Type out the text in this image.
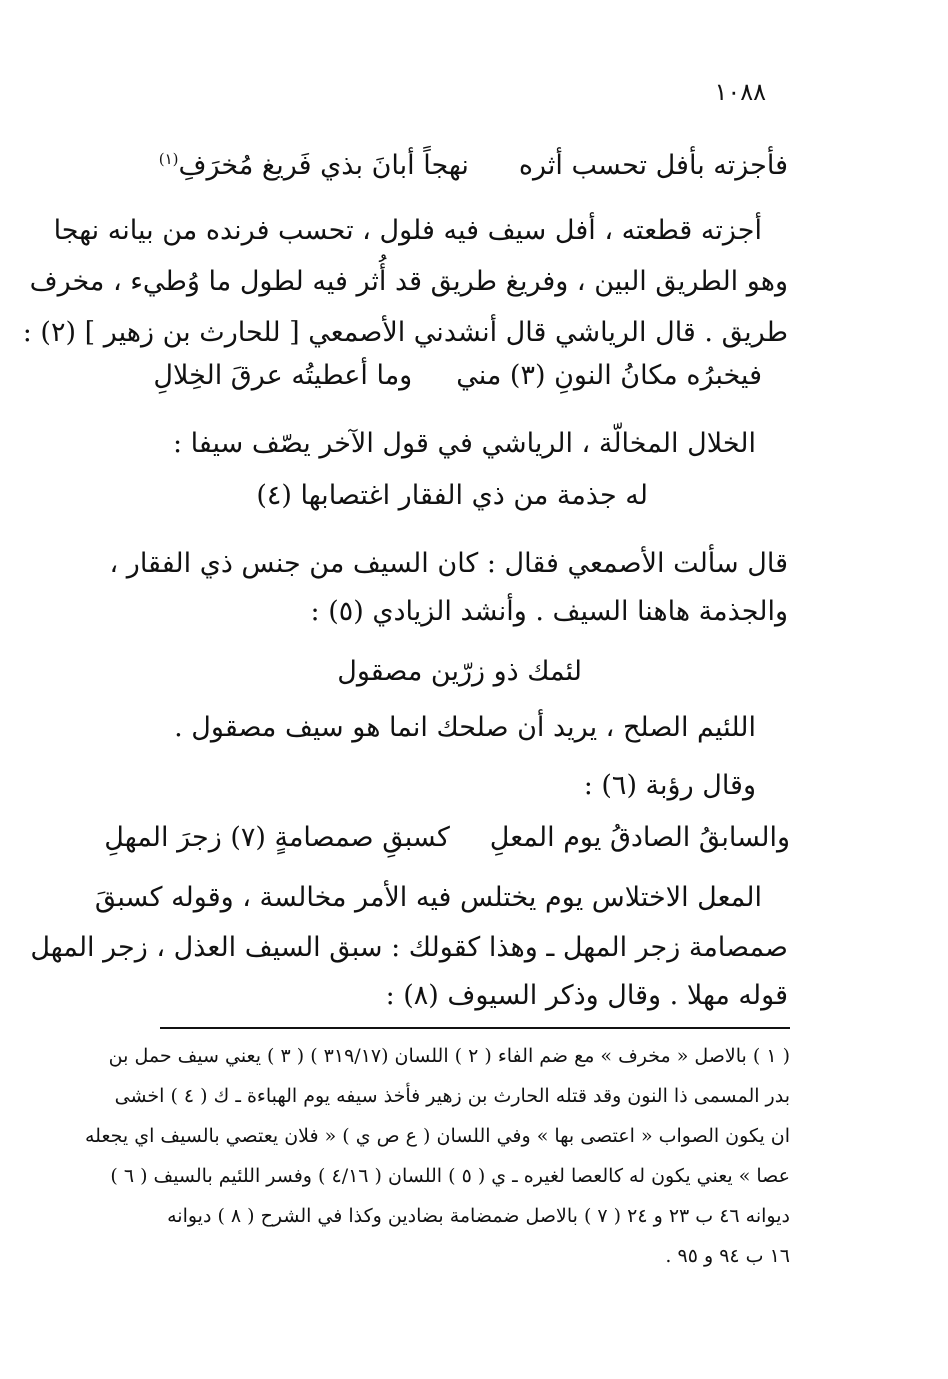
١٠٨٨
فأجزته بأفل تحسب أثره
نهجاً أبانَ بذي فَريغ مُخرَفِ$^{(١)}$
أجزته قطعته ، أفل سيف فيه فلول ، تحسب فرنده من بيانه نهجا
وهو الطريق البين ، وفريغ طريق قد أُثر فيه لطول ما وُطيء ، مخرف
طريق . قال الرياشي قال أنشدني الأصمعي [ للحارث بن زهير ] (٢) :
فيخبرُه مكانُ النونِ (٣) مني
وما أعطيتُه عرقَ الخِلالِ
الخلال المخالّة ، الرياشي في قول الآخر يصّف سيفا :
له جذمة من ذي الفقار اغتصابها (٤)
قال سألت الأصمعي فقال : كان السيف من جنس ذي الفقار ،
والجذمة هاهنا السيف . وأنشد الزيادي (٥) :
لئمك ذو زرّين مصقول
اللئيم الصلح ، يريد أن صلحك انما هو سيف مصقول .
وقال رؤبة (٦) :
والسابقُ الصادقُ يوم المعلِ
كسبقِ صمصامةٍ (٧) زجرَ المهلِ
المعل الاختلاس يوم يختلس فيه الأمر مخالسة ، وقوله كسبقَ
صمصامة زجر المهل ـ وهذا كقولك : سبق السيف العذل ، زجر المهل
قوله مهلا . وقال وذكر السيوف (٨) :
( ١ ) بالاصل « مخرف » مع ضم الفاء ( ٢ ) اللسان (٣١٩/١٧ ) ( ٣ ) يعني سيف حمل بن
بدر المسمى ذا النون وقد قتله الحارث بن زهير فأخذ سيفه يوم الهباءة ـ ك ( ٤ ) اخشى
ان يكون الصواب « اعتصى بها » وفي اللسان ( ع ص ي ) « فلان يعتصي بالسيف اي يجعله
عصا » يعني يكون له كالعصا لغيره ـ ي ( ٥ ) اللسان ( ٤/١٦ ) وفسر اللئيم بالسيف ( ٦ )
ديوانه ٤٦ ب ٢٣ و ٢٤ ( ٧ ) بالاصل ضمضامة بضادين وكذا في الشرح ( ٨ ) ديوانه
١٦ ب ٩٤ و ٩٥ .
